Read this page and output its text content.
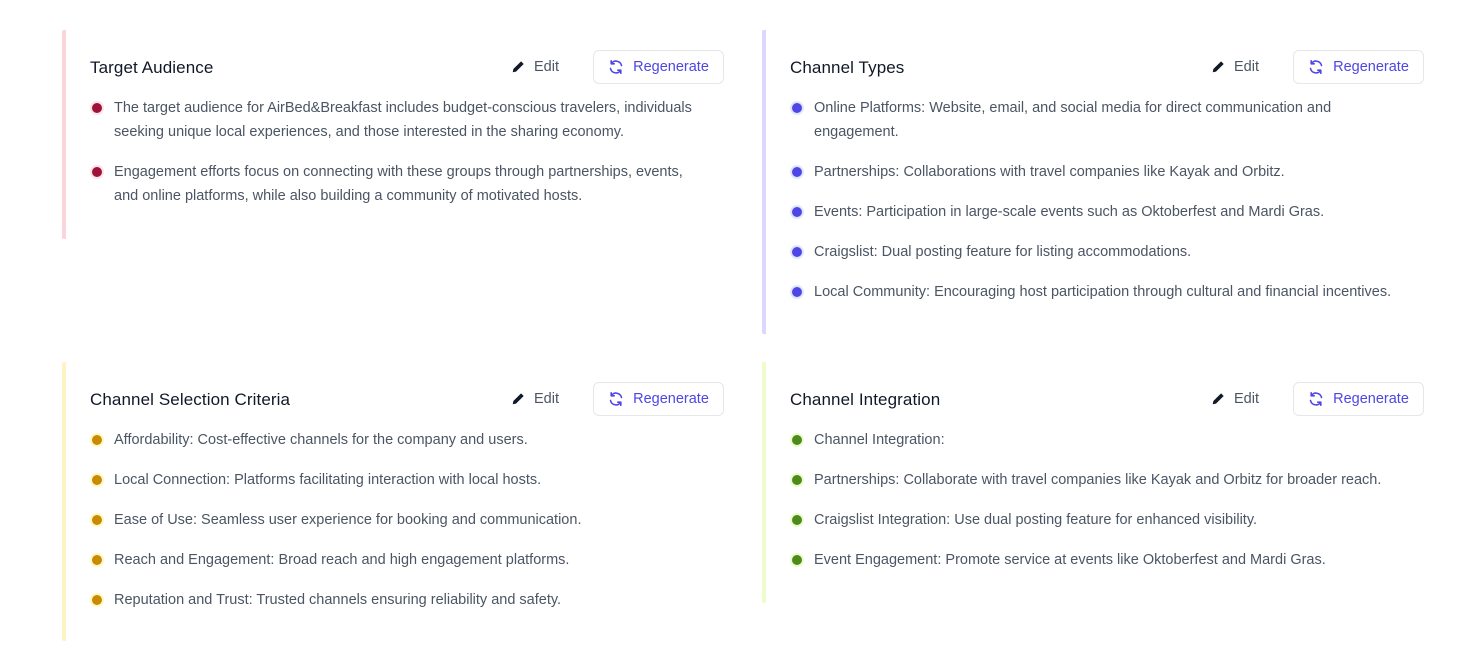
Target Audience	Edit	Regenerate
The target audience for AirBed&Breakfast includes budget-conscious travelers, individuals seeking unique local experiences, and those interested in the sharing economy.
Engagement efforts focus on connecting with these groups through partnerships, events, and online platforms, while also building a community of motivated hosts.
Channel Types	Edit	Regenerate
Online Platforms: Website, email, and social media for direct communication and engagement.
Partnerships: Collaborations with travel companies like Kayak and Orbitz.
Events: Participation in large-scale events such as Oktoberfest and Mardi Gras.
Craigslist: Dual posting feature for listing accommodations.
Local Community: Encouraging host participation through cultural and financial incentives.
Channel Selection Criteria	Edit	Regenerate
Affordability: Cost-effective channels for the company and users.
Local Connection: Platforms facilitating interaction with local hosts.
Ease of Use: Seamless user experience for booking and communication.
Reach and Engagement: Broad reach and high engagement platforms.
Reputation and Trust: Trusted channels ensuring reliability and safety.
Channel Integration	Edit	Regenerate
Channel Integration:
Partnerships: Collaborate with travel companies like Kayak and Orbitz for broader reach.
Craigslist Integration: Use dual posting feature for enhanced visibility.
Event Engagement: Promote service at events like Oktoberfest and Mardi Gras.
